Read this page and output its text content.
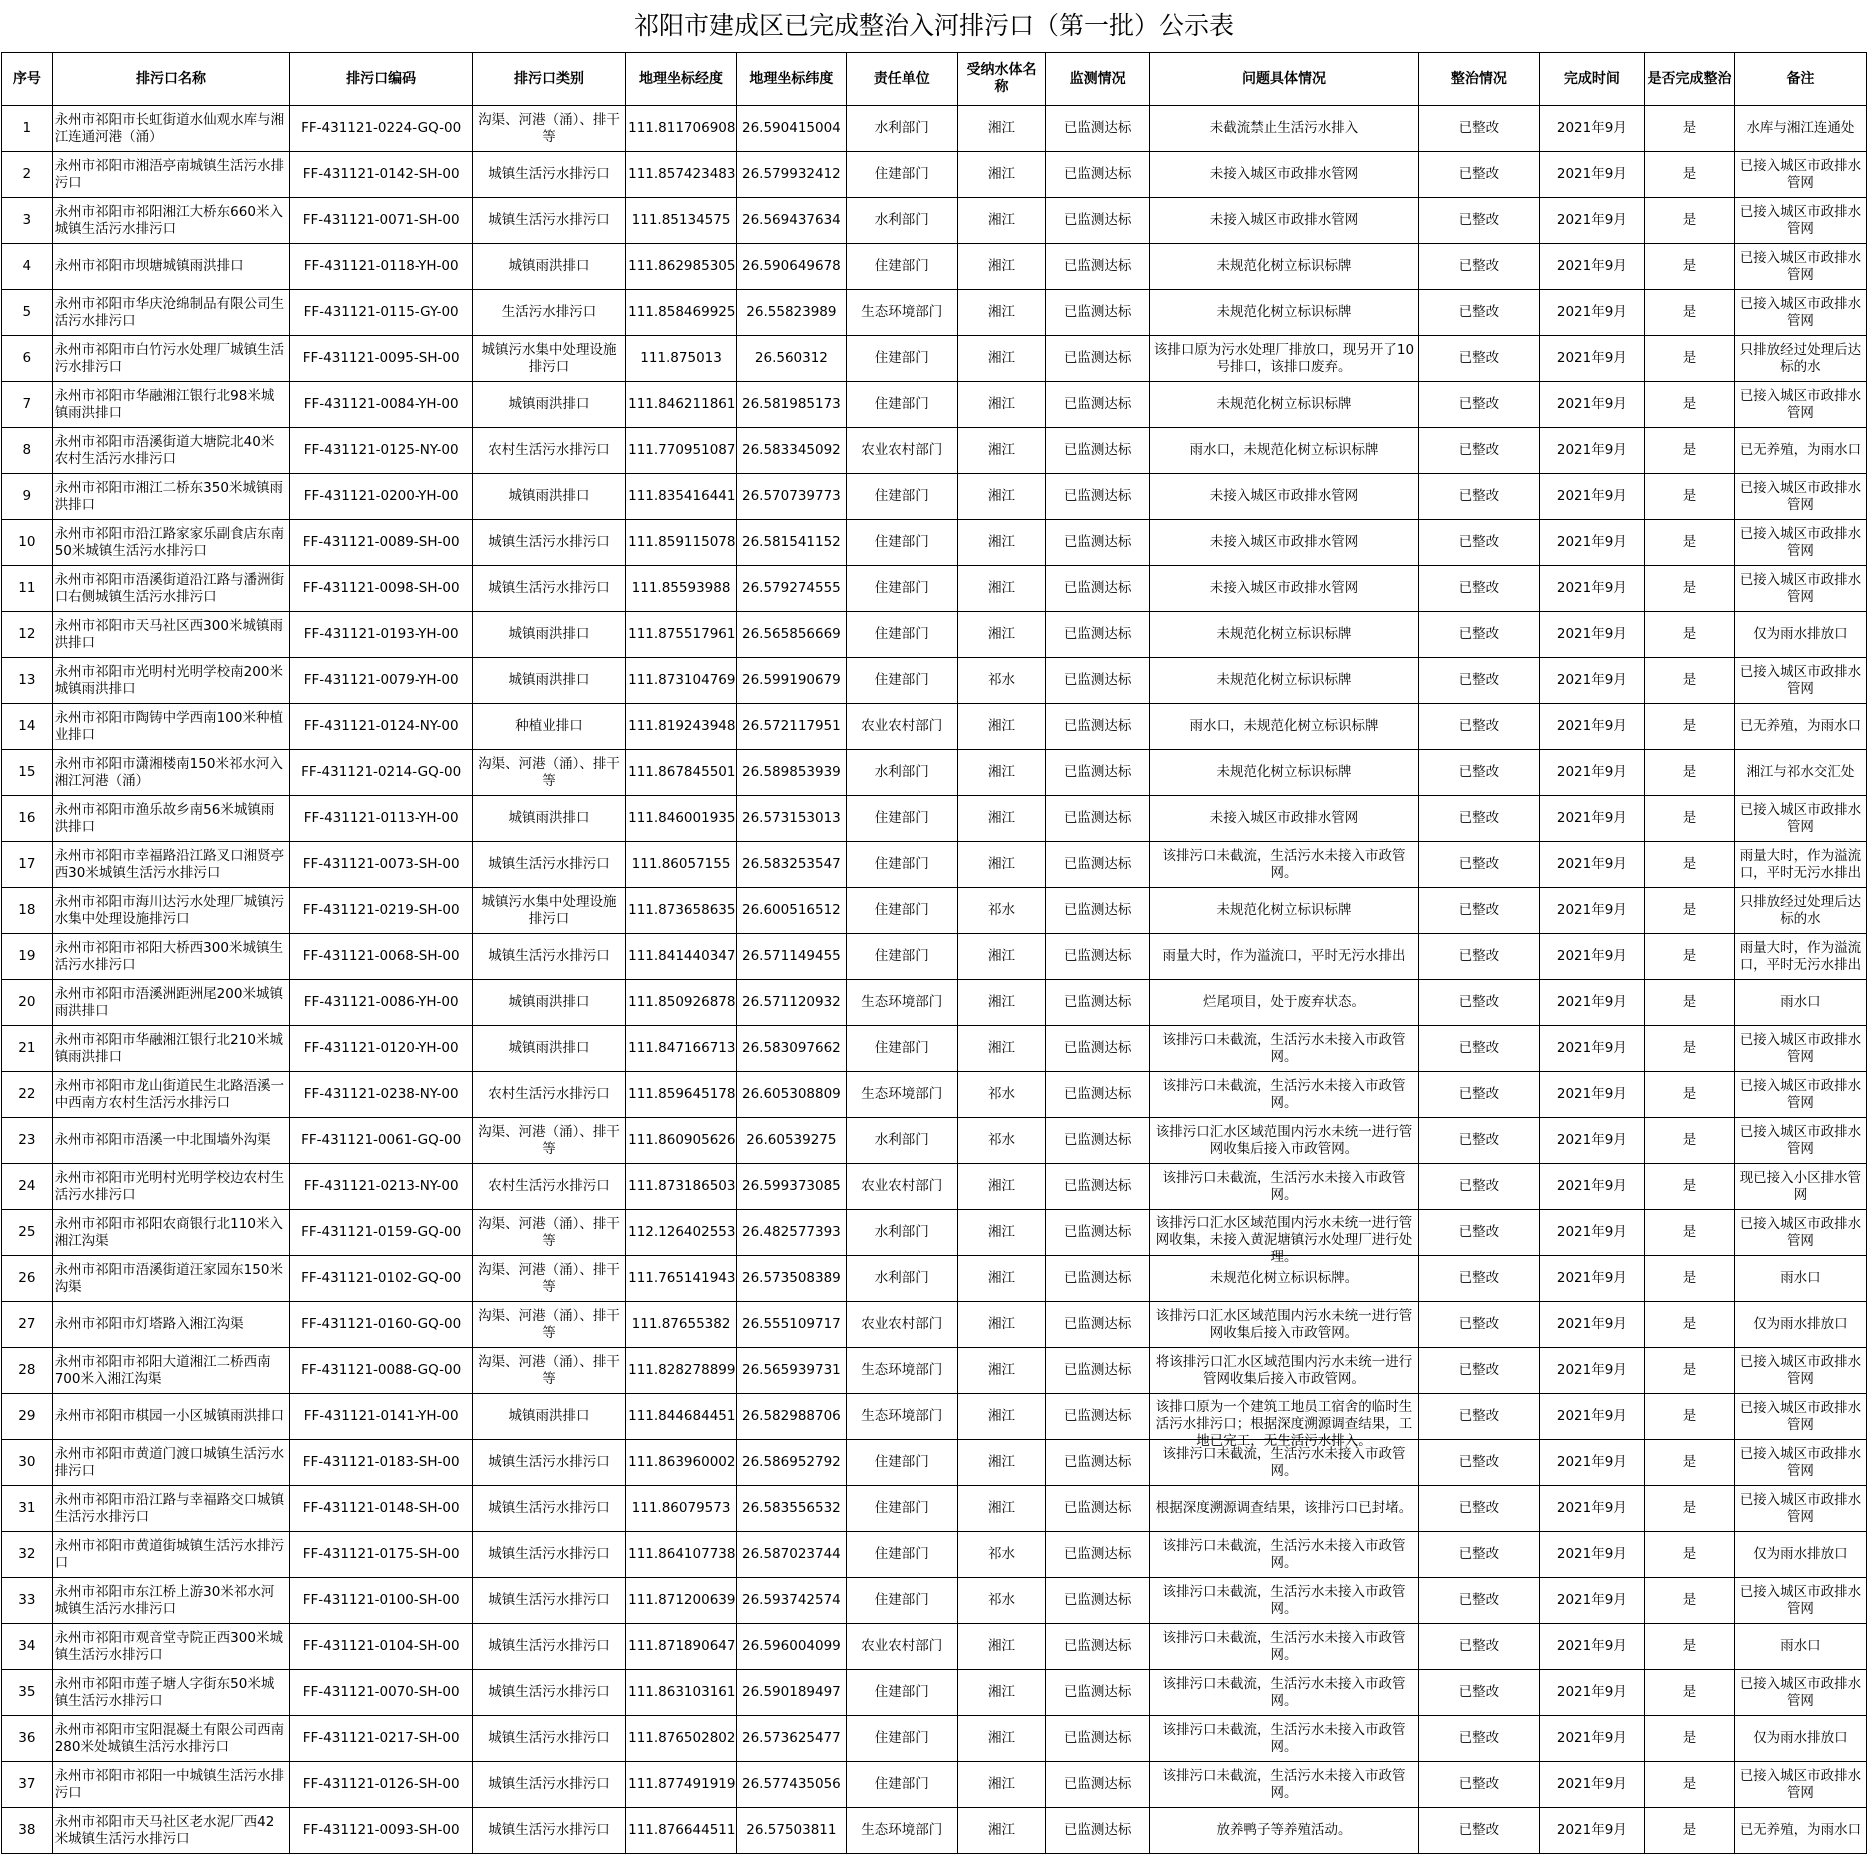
祁阳市建成区已完成整治入河排污口（第一批）公示表
序号	排污口名称	排污口编码	排污口类别	地理坐标经度	地理坐标纬度	责任单位	受纳水体名称	监测情况	问题具体情况	整治情况	完成时间	是否完成整治	备注

1	永州市祁阳市长虹街道水仙观水库与湘江连通河港（涌）	FF-431121-0224-GQ-00	沟渠、河港（涌）、排干等	111.811706908	26.590415004	水利部门	湘江	已监测达标	未截流禁止生活污水排入	已整改	2021年9月	是	水库与湘江连通处

2	永州市祁阳市湘浯亭南城镇生活污水排污口	FF-431121-0142-SH-00	城镇生活污水排污口	111.857423483	26.579932412	住建部门	湘江	已监测达标	未接入城区市政排水管网	已整改	2021年9月	是	已接入城区市政排水管网

3	永州市祁阳市祁阳湘江大桥东660米入城镇生活污水排污口	FF-431121-0071-SH-00	城镇生活污水排污口	111.85134575	26.569437634	水利部门	湘江	已监测达标	未接入城区市政排水管网	已整改	2021年9月	是	已接入城区市政排水管网

4	永州市祁阳市坝塘城镇雨洪排口	FF-431121-0118-YH-00	城镇雨洪排口	111.862985305	26.590649678	住建部门	湘江	已监测达标	未规范化树立标识标牌	已整改	2021年9月	是	已接入城区市政排水管网

5	永州市祁阳市华庆沧绵制品有限公司生活污水排污口	FF-431121-0115-GY-00	生活污水排污口	111.858469925	26.55823989	生态环境部门	湘江	已监测达标	未规范化树立标识标牌	已整改	2021年9月	是	已接入城区市政排水管网

6	永州市祁阳市白竹污水处理厂城镇生活污水排污口	FF-431121-0095-SH-00	城镇污水集中处理设施排污口	111.875013	26.560312	住建部门	湘江	已监测达标	该排口原为污水处理厂排放口，现另开了10号排口，该排口废弃。	已整改	2021年9月	是	只排放经过处理后达标的水

7	永州市祁阳市华融湘江银行北98米城镇雨洪排口	FF-431121-0084-YH-00	城镇雨洪排口	111.846211861	26.581985173	住建部门	湘江	已监测达标	未规范化树立标识标牌	已整改	2021年9月	是	已接入城区市政排水管网

8	永州市祁阳市浯溪街道大塘院北40米农村生活污水排污口	FF-431121-0125-NY-00	农村生活污水排污口	111.770951087	26.583345092	农业农村部门	湘江	已监测达标	雨水口，未规范化树立标识标牌	已整改	2021年9月	是	已无养殖，为雨水口

9	永州市祁阳市湘江二桥东350米城镇雨洪排口	FF-431121-0200-YH-00	城镇雨洪排口	111.835416441	26.570739773	住建部门	湘江	已监测达标	未接入城区市政排水管网	已整改	2021年9月	是	已接入城区市政排水管网

10	永州市祁阳市沿江路家家乐副食店东南50米城镇生活污水排污口	FF-431121-0089-SH-00	城镇生活污水排污口	111.859115078	26.581541152	住建部门	湘江	已监测达标	未接入城区市政排水管网	已整改	2021年9月	是	已接入城区市政排水管网

11	永州市祁阳市浯溪街道沿江路与潘洲街口右侧城镇生活污水排污口	FF-431121-0098-SH-00	城镇生活污水排污口	111.85593988	26.579274555	住建部门	湘江	已监测达标	未接入城区市政排水管网	已整改	2021年9月	是	已接入城区市政排水管网

12	永州市祁阳市天马社区西300米城镇雨洪排口	FF-431121-0193-YH-00	城镇雨洪排口	111.875517961	26.565856669	住建部门	湘江	已监测达标	未规范化树立标识标牌	已整改	2021年9月	是	仅为雨水排放口

13	永州市祁阳市光明村光明学校南200米城镇雨洪排口	FF-431121-0079-YH-00	城镇雨洪排口	111.873104769	26.599190679	住建部门	祁水	已监测达标	未规范化树立标识标牌	已整改	2021年9月	是	已接入城区市政排水管网

14	永州市祁阳市陶铸中学西南100米种植业排口	FF-431121-0124-NY-00	种植业排口	111.819243948	26.572117951	农业农村部门	湘江	已监测达标	雨水口，未规范化树立标识标牌	已整改	2021年9月	是	已无养殖，为雨水口

15	永州市祁阳市潇湘楼南150米祁水河入湘江河港（涌）	FF-431121-0214-GQ-00	沟渠、河港（涌）、排干等	111.867845501	26.589853939	水利部门	湘江	已监测达标	未规范化树立标识标牌	已整改	2021年9月	是	湘江与祁水交汇处

16	永州市祁阳市渔乐故乡南56米城镇雨洪排口	FF-431121-0113-YH-00	城镇雨洪排口	111.846001935	26.573153013	住建部门	湘江	已监测达标	未接入城区市政排水管网	已整改	2021年9月	是	已接入城区市政排水管网

17	永州市祁阳市幸福路沿江路叉口湘贤亭西30米城镇生活污水排污口	FF-431121-0073-SH-00	城镇生活污水排污口	111.86057155	26.583253547	住建部门	湘江	已监测达标	该排污口未截流，生活污水未接入市政管网。	已整改	2021年9月	是	雨量大时，作为溢流口，平时无污水排出

18	永州市祁阳市海川达污水处理厂城镇污水集中处理设施排污口	FF-431121-0219-SH-00	城镇污水集中处理设施排污口	111.873658635	26.600516512	住建部门	祁水	已监测达标	未规范化树立标识标牌	已整改	2021年9月	是	只排放经过处理后达标的水

19	永州市祁阳市祁阳大桥西300米城镇生活污水排污口	FF-431121-0068-SH-00	城镇生活污水排污口	111.841440347	26.571149455	住建部门	湘江	已监测达标	雨量大时，作为溢流口，平时无污水排出	已整改	2021年9月	是	雨量大时，作为溢流口，平时无污水排出

20	永州市祁阳市浯溪洲距洲尾200米城镇雨洪排口	FF-431121-0086-YH-00	城镇雨洪排口	111.850926878	26.571120932	生态环境部门	湘江	已监测达标	烂尾项目，处于废弃状态。	已整改	2021年9月	是	雨水口

21	永州市祁阳市华融湘江银行北210米城镇雨洪排口	FF-431121-0120-YH-00	城镇雨洪排口	111.847166713	26.583097662	住建部门	湘江	已监测达标	该排污口未截流，生活污水未接入市政管网。	已整改	2021年9月	是	已接入城区市政排水管网

22	永州市祁阳市龙山街道民生北路浯溪一中西南方农村生活污水排污口	FF-431121-0238-NY-00	农村生活污水排污口	111.859645178	26.605308809	生态环境部门	祁水	已监测达标	该排污口未截流，生活污水未接入市政管网。	已整改	2021年9月	是	已接入城区市政排水管网

23	永州市祁阳市浯溪一中北围墙外沟渠	FF-431121-0061-GQ-00	沟渠、河港（涌）、排干等	111.860905626	26.60539275	水利部门	祁水	已监测达标	该排污口汇水区域范围内污水未统一进行管网收集后接入市政管网。	已整改	2021年9月	是	已接入城区市政排水管网

24	永州市祁阳市光明村光明学校边农村生活污水排污口	FF-431121-0213-NY-00	农村生活污水排污口	111.873186503	26.599373085	农业农村部门	湘江	已监测达标	该排污口未截流，生活污水未接入市政管网。	已整改	2021年9月	是	现已接入小区排水管网

25	永州市祁阳市祁阳农商银行北110米入湘江沟渠	FF-431121-0159-GQ-00	沟渠、河港（涌）、排干等	112.126402553	26.482577393	水利部门	湘江	已监测达标	该排污口汇水区域范围内污水未统一进行管网收集，未接入黄泥塘镇污水处理厂进行处理。	已整改	2021年9月	是	已接入城区市政排水管网

26	永州市祁阳市浯溪街道汪家园东150米沟渠	FF-431121-0102-GQ-00	沟渠、河港（涌）、排干等	111.765141943	26.573508389	水利部门	湘江	已监测达标	未规范化树立标识标牌。	已整改	2021年9月	是	雨水口

27	永州市祁阳市灯塔路入湘江沟渠	FF-431121-0160-GQ-00	沟渠、河港（涌）、排干等	111.87655382	26.555109717	农业农村部门	湘江	已监测达标	该排污口汇水区域范围内污水未统一进行管网收集后接入市政管网。	已整改	2021年9月	是	仅为雨水排放口

28	永州市祁阳市祁阳大道湘江二桥西南700米入湘江沟渠	FF-431121-0088-GQ-00	沟渠、河港（涌）、排干等	111.828278899	26.565939731	生态环境部门	湘江	已监测达标	将该排污口汇水区域范围内污水未统一进行管网收集后接入市政管网。	已整改	2021年9月	是	已接入城区市政排水管网

29	永州市祁阳市棋园一小区城镇雨洪排口	FF-431121-0141-YH-00	城镇雨洪排口	111.844684451	26.582988706	生态环境部门	湘江	已监测达标	该排口原为一个建筑工地员工宿舍的临时生活污水排污口；根据深度溯源调查结果，工地已完工，无生活污水排入。	已整改	2021年9月	是	已接入城区市政排水管网

30	永州市祁阳市黄道门渡口城镇生活污水排污口	FF-431121-0183-SH-00	城镇生活污水排污口	111.863960002	26.586952792	住建部门	湘江	已监测达标	该排污口未截流，生活污水未接入市政管网。	已整改	2021年9月	是	已接入城区市政排水管网

31	永州市祁阳市沿江路与幸福路交口城镇生活污水排污口	FF-431121-0148-SH-00	城镇生活污水排污口	111.86079573	26.583556532	住建部门	湘江	已监测达标	根据深度溯源调查结果，该排污口已封堵。	已整改	2021年9月	是	已接入城区市政排水管网

32	永州市祁阳市黄道街城镇生活污水排污口	FF-431121-0175-SH-00	城镇生活污水排污口	111.864107738	26.587023744	住建部门	祁水	已监测达标	该排污口未截流，生活污水未接入市政管网。	已整改	2021年9月	是	仅为雨水排放口

33	永州市祁阳市东江桥上游30米祁水河城镇生活污水排污口	FF-431121-0100-SH-00	城镇生活污水排污口	111.871200639	26.593742574	住建部门	祁水	已监测达标	该排污口未截流，生活污水未接入市政管网。	已整改	2021年9月	是	已接入城区市政排水管网

34	永州市祁阳市观音堂寺院正西300米城镇生活污水排污口	FF-431121-0104-SH-00	城镇生活污水排污口	111.871890647	26.596004099	农业农村部门	湘江	已监测达标	该排污口未截流，生活污水未接入市政管网。	已整改	2021年9月	是	雨水口

35	永州市祁阳市莲子塘人字街东50米城镇生活污水排污口	FF-431121-0070-SH-00	城镇生活污水排污口	111.863103161	26.590189497	住建部门	湘江	已监测达标	该排污口未截流，生活污水未接入市政管网。	已整改	2021年9月	是	已接入城区市政排水管网

36	永州市祁阳市宝阳混凝土有限公司西南280米处城镇生活污水排污口	FF-431121-0217-SH-00	城镇生活污水排污口	111.876502802	26.573625477	住建部门	湘江	已监测达标	该排污口未截流，生活污水未接入市政管网。	已整改	2021年9月	是	仅为雨水排放口

37	永州市祁阳市祁阳一中城镇生活污水排污口	FF-431121-0126-SH-00	城镇生活污水排污口	111.877491919	26.577435056	住建部门	湘江	已监测达标	该排污口未截流，生活污水未接入市政管网。	已整改	2021年9月	是	已接入城区市政排水管网

38	永州市祁阳市天马社区老水泥厂西42米城镇生活污水排污口	FF-431121-0093-SH-00	城镇生活污水排污口	111.876644511	26.57503811	生态环境部门	湘江	已监测达标	放养鸭子等养殖活动。	已整改	2021年9月	是	已无养殖，为雨水口
